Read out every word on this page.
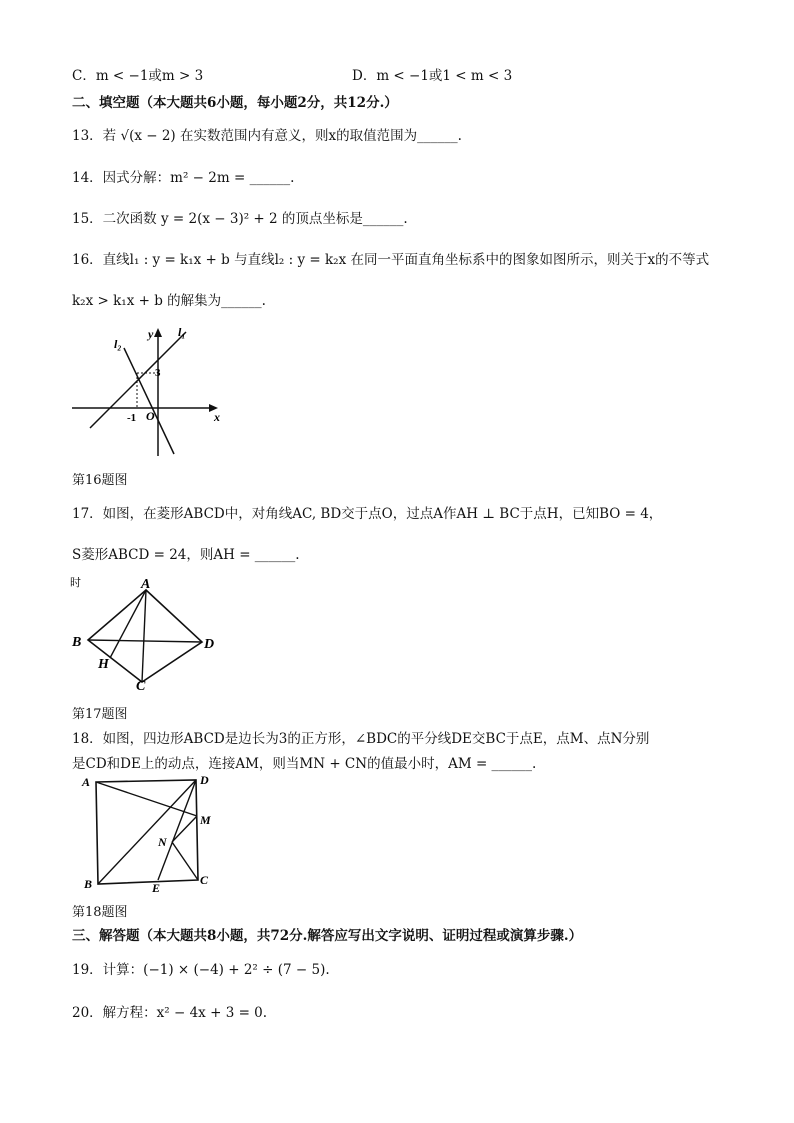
C．m < −1或m > 3	D．m < −1或1 < m < 3
二、填空题（本大题共6小题，每小题2分，共12分.）
13．若 √(x − 2) 在实数范围内有意义，则x的取值范围为______.
14．因式分解：m² − 2m = ______.
15．二次函数 y = 2(x − 3)² + 2 的顶点坐标是______.
16．直线l₁ : y = k₁x + b 与直线l₂ : y = k₂x 在同一平面直角坐标系中的图象如图所示，则关于x的不等式
k₂x > k₁x + b 的解集为______.
y l₁
l₂
3
-1 O	x
第16题图
17．如图，在菱形ABCD中，对角线AC, BD交于点O，过点A作AH ⊥ BC于点H，已知BO = 4，
S菱形ABCD = 24，则AH = ______.
时	A
B
C
D
H
第17题图
18．如图，四边形ABCD是边长为3的正方形，∠BDC的平分线DE交BC于点E，点M、点N分别
是CD和DE上的动点，连接AM，则当MN + CN的值最小时，AM = ______.
A	D
M
N
B	E
C
第18题图
三、解答题（本大题共8小题，共72分.解答应写出文字说明、证明过程或演算步骤.）
19．计算：(−1) × (−4) + 2² ÷ (7 − 5).
20．解方程：x² − 4x + 3 = 0.
